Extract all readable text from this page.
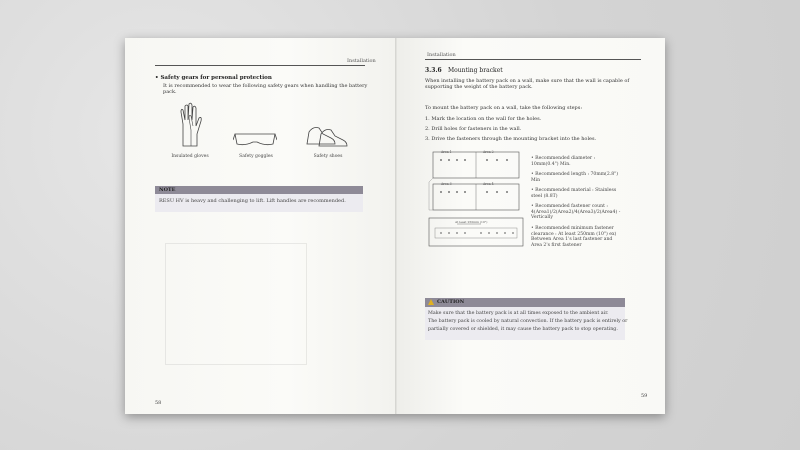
Installation
• Safety gears for personal protection
It is recommended to wear the following safety gears when handling the battery
pack.
Insulated gloves	Safety goggles	Safety shoes
NOTE
RESU HV is heavy and challenging to lift. Lift handles are recommended.
58
Installation
3.3.6 Mounting bracket
When installing the battery pack on a wall, make sure that the wall is capable of
supporting the weight of the battery pack.
To mount the battery pack on a wall, take the following steps:
1. Mark the location on the wall for the holes.
2. Drill holes for fasteners in the wall.
3. Drive the fasteners through the mounting bracket into the holes.
Area 1	Area 2
Area 3	Area 4
At least 250mm (10")
• Recommended diameter : 10mm(0.4") Min.
• Recommended length : 70mm(2.8") Min
• Recommended material : Stainless steel (8.8T)
• Recommended fastener count : 4(Area1)/2(Area2)/4(Area3)/2(Area4) - Vertically
• Recommended minimum fastener clearance : At least 250mm (10") ex) Between Area 1's last fastener and Area 2's first fastener
CAUTION
Make sure that the battery pack is at all times exposed to the ambient air.
The battery pack is cooled by natural convection. If the battery pack is entirely or
partially covered or shielded, it may cause the battery pack to stop operating.
59
